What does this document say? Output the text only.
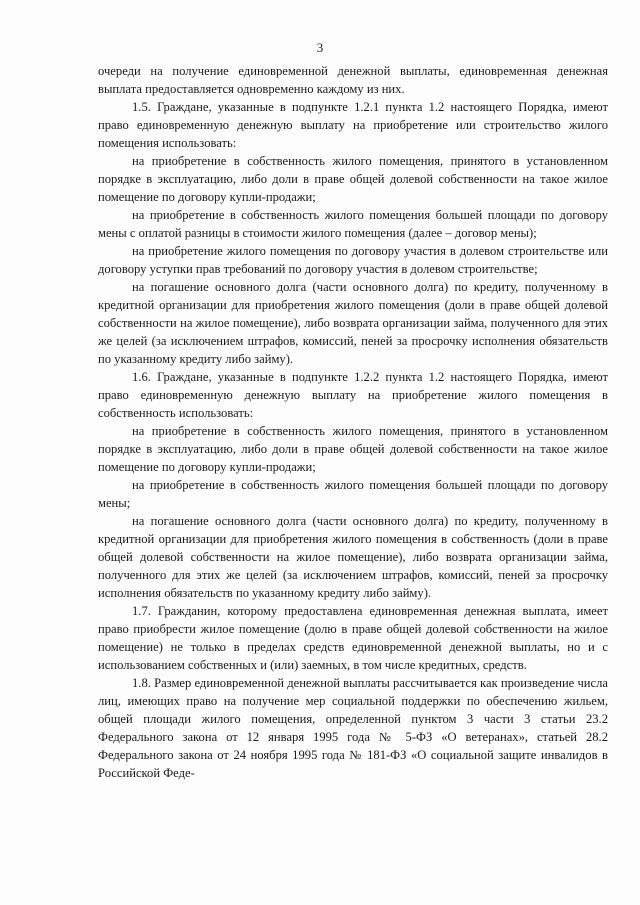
3

очереди на получение единовременной денежной выплаты, единовременная денежная выплата предоставляется одновременно каждому из них.

1.5. Граждане, указанные в подпункте 1.2.1 пункта 1.2 настоящего Порядка, имеют право единовременную денежную выплату на приобретение или строительство жилого помещения использовать:

на приобретение в собственность жилого помещения, принятого в установленном порядке в эксплуатацию, либо доли в праве общей долевой собственности на такое жилое помещение по договору купли-продажи;

на приобретение в собственность жилого помещения большей площади по договору мены с оплатой разницы в стоимости жилого помещения (далее – договор мены);

на приобретение жилого помещения по договору участия в долевом строительстве или договору уступки прав требований по договору участия в долевом строительстве;

на погашение основного долга (части основного долга) по кредиту, полученному в кредитной организации для приобретения жилого помещения (доли в праве общей долевой собственности на жилое помещение), либо возврата организации займа, полученного для этих же целей (за исключением штрафов, комиссий, пеней за просрочку исполнения обязательств по указанному кредиту либо займу).

1.6. Граждане, указанные в подпункте 1.2.2 пункта 1.2 настоящего Порядка, имеют право единовременную денежную выплату на приобретение жилого помещения в собственность использовать:

на приобретение в собственность жилого помещения, принятого в установленном порядке в эксплуатацию, либо доли в праве общей долевой собственности на такое жилое помещение по договору купли-продажи;

на приобретение в собственность жилого помещения большей площади по договору мены;

на погашение основного долга (части основного долга) по кредиту, полученному в кредитной организации для приобретения жилого помещения в собственность (доли в праве общей долевой собственности на жилое помещение), либо возврата организации займа, полученного для этих же целей (за исключением штрафов, комиссий, пеней за просрочку исполнения обязательств по указанному кредиту либо займу).

1.7. Гражданин, которому предоставлена единовременная денежная выплата, имеет право приобрести жилое помещение (долю в праве общей долевой собственности на жилое помещение) не только в пределах средств единовременной денежной выплаты, но и с использованием собственных и (или) заемных, в том числе кредитных, средств.

1.8. Размер единовременной денежной выплаты рассчитывается как произведение числа лиц, имеющих право на получение мер социальной поддержки по обеспечению жильем, общей площади жилого помещения, определенной пунктом 3 части 3 статьи 23.2 Федерального закона от 12 января 1995 года № 5-ФЗ «О ветеранах», статьей 28.2 Федерального закона от 24 ноября 1995 года № 181-ФЗ «О социальной защите инвалидов в Российской Феде-
